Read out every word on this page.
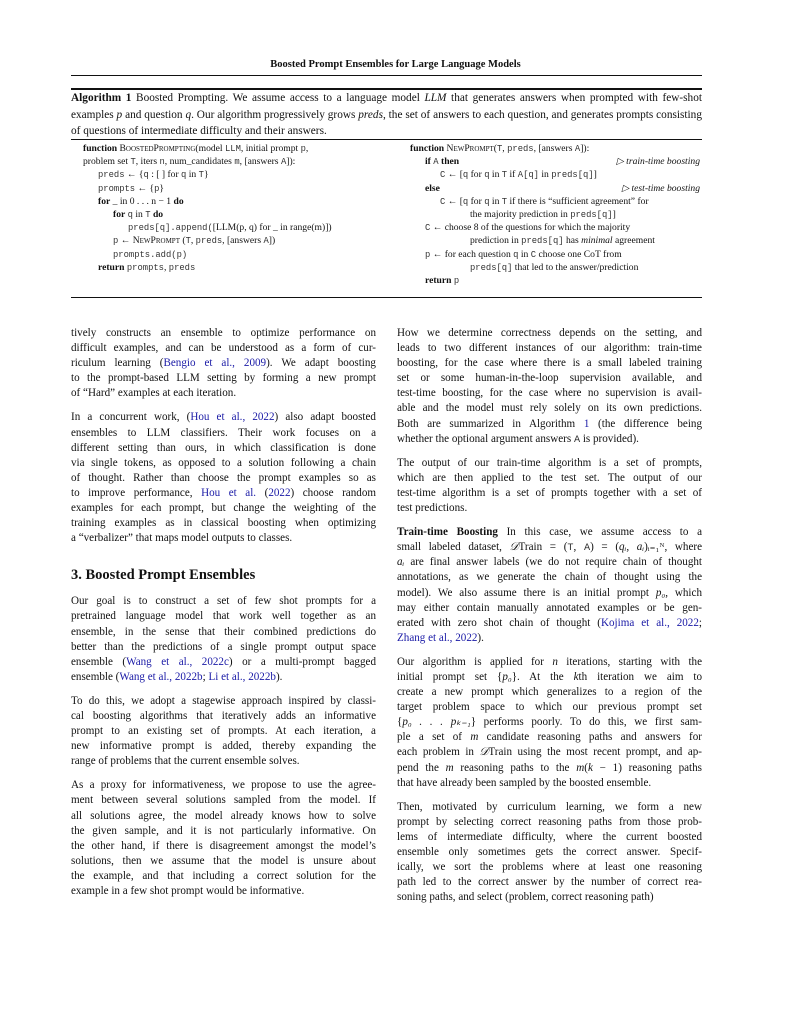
Boosted Prompt Ensembles for Large Language Models
Algorithm 1 Boosted Prompting. We assume access to a language model LLM that generates answers when prompted with few-shot examples p and question q. Our algorithm progressively grows preds, the set of answers to each question, and generates prompts consisting of questions of intermediate difficulty and their answers.
function BoostedPrompting(model LLM, initial prompt p,
problem set T, iters n, num_candidates m, [answers A]):
preds ← {q : [ ] for q in T}
prompts ← {p}
for _ in 0 . . . n − 1 do
for q in T do
preds[q].append([LLM(p, q) for _ in range(m)])
p ← NewPrompt (T, preds, [answers A])
prompts.add(p)
return prompts, preds
function NewPrompt(T, preds, [answers A]):
if A then	▷ train-time boosting
C ← [q for q in T if A[q] in preds[q]]
else	▷ test-time boosting
C ← [q for q in T if there is “sufficient agreement” for
the majority prediction in preds[q]]
C ← choose 8 of the questions for which the majority
prediction in preds[q] has minimal agreement
p ← for each question q in C choose one CoT from
preds[q] that led to the answer/prediction
return p
tively constructs an ensemble to optimize performance on
difficult examples, and can be understood as a form of cur-
riculum learning (Bengio et al., 2009). We adapt boosting
to the prompt-based LLM setting by forming a new prompt
of “Hard” examples at each iteration.
In a concurrent work, (Hou et al., 2022) also adapt boosted
ensembles to LLM classifiers. Their work focuses on a
different setting than ours, in which classification is done
via single tokens, as opposed to a solution following a chain
of thought. Rather than choose the prompt examples so as
to improve performance, Hou et al. (2022) choose random
examples for each prompt, but change the weighting of the
training examples as in classical boosting when optimizing
a “verbalizer” that maps model outputs to classes.
3. Boosted Prompt Ensembles
Our goal is to construct a set of few shot prompts for a
pretrained language model that work well together as an
ensemble, in the sense that their combined predictions do
better than the predictions of a single prompt output space
ensemble (Wang et al., 2022c) or a multi-prompt bagged
ensemble (Wang et al., 2022b; Li et al., 2022b).
To do this, we adopt a stagewise approach inspired by classi-
cal boosting algorithms that iteratively adds an informative
prompt to an existing set of prompts. At each iteration, a
new informative prompt is added, thereby expanding the
range of problems that the current ensemble solves.
As a proxy for informativeness, we propose to use the agree-
ment between several solutions sampled from the model. If
all solutions agree, the model already knows how to solve
the given sample, and it is not particularly informative. On
the other hand, if there is disagreement amongst the model’s
solutions, then we assume that the model is unsure about
the example, and that including a correct solution for the
example in a few shot prompt would be informative.
How we determine correctness depends on the setting, and
leads to two different instances of our algorithm: train-time
boosting, for the case where there is a small labeled training
set or some human-in-the-loop supervision available, and
test-time boosting, for the case where no supervision is avail-
able and the model must rely solely on its own predictions.
Both are summarized in Algorithm 1 (the difference being
whether the optional argument answers A is provided).
The output of our train-time algorithm is a set of prompts,
which are then applied to the test set. The output of our
test-time algorithm is a set of prompts together with a set of
test predictions.
Train-time Boosting In this case, we assume access to a
small labeled dataset, 𝒟Train = (T, A) = (qᵢ, aᵢ)ᵢ₌₁ᴺ, where
aᵢ are final answer labels (we do not require chain of thought
annotations, as we generate the chain of thought using the
model). We also assume there is an initial prompt p₀, which
may either contain manually annotated examples or be gen-
erated with zero shot chain of thought (Kojima et al., 2022;
Zhang et al., 2022).
Our algorithm is applied for n iterations, starting with the
initial prompt set {p₀}. At the kth iteration we aim to
create a new prompt which generalizes to a region of the
target problem space to which our previous prompt set
{p₀ . . . pₖ₋₁} performs poorly. To do this, we first sam-
ple a set of m candidate reasoning paths and answers for
each problem in 𝒟Train using the most recent prompt, and ap-
pend the m reasoning paths to the m(k − 1) reasoning paths
that have already been sampled by the boosted ensemble.
Then, motivated by curriculum learning, we form a new
prompt by selecting correct reasoning paths from those prob-
lems of intermediate difficulty, where the current boosted
ensemble only sometimes gets the correct answer. Specif-
ically, we sort the problems where at least one reasoning
path led to the correct answer by the number of correct rea-
soning paths, and select (problem, correct reasoning path)
